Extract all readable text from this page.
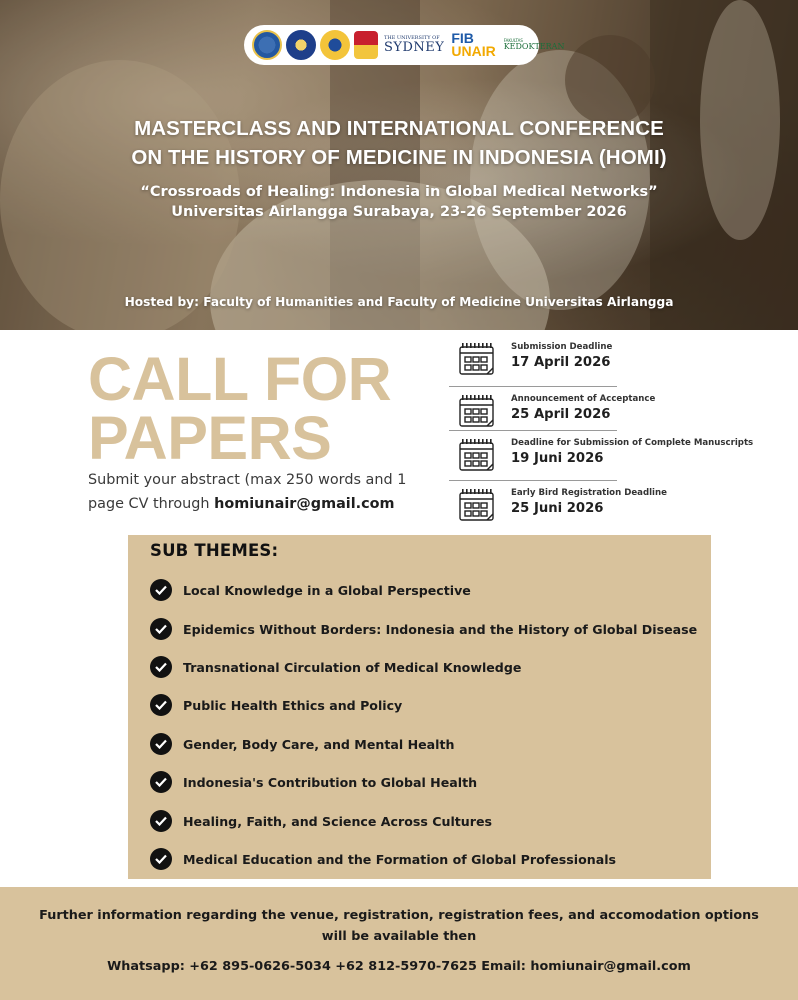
THE UNIVERSITY OF
SYDNEY
FIB
UNAIR
FAKULTAS
KEDOKTERAN
MASTERCLASS AND INTERNATIONAL CONFERENCE
ON THE HISTORY OF MEDICINE IN INDONESIA (HOMI)
“Crossroads of Healing: Indonesia in Global Medical Networks”
Universitas Airlangga Surabaya, 23-26 September 2026
Hosted by: Faculty of Humanities and Faculty of Medicine Universitas Airlangga
CALL FOR
PAPERS
Submit your abstract (max 250 words and 1 page CV through homiunair@gmail.com
Submission Deadline
17 April 2026
Announcement of Acceptance
25 April 2026
Deadline for Submission of Complete Manuscripts
19 Juni 2026
Early Bird Registration Deadline
25 Juni 2026
SUB THEMES:
Local Knowledge in a Global Perspective
Epidemics Without Borders: Indonesia and the History of Global Disease
Transnational Circulation of Medical Knowledge
Public Health Ethics and Policy
Gender, Body Care, and Mental Health
Indonesia's Contribution to Global Health
Healing, Faith, and Science Across Cultures
Medical Education and the Formation of Global Professionals
Further information regarding the venue, registration, registration fees, and accomodation options
will be available then
Whatsapp: +62 895-0626-5034 +62 812-5970-7625 Email: homiunair@gmail.com
